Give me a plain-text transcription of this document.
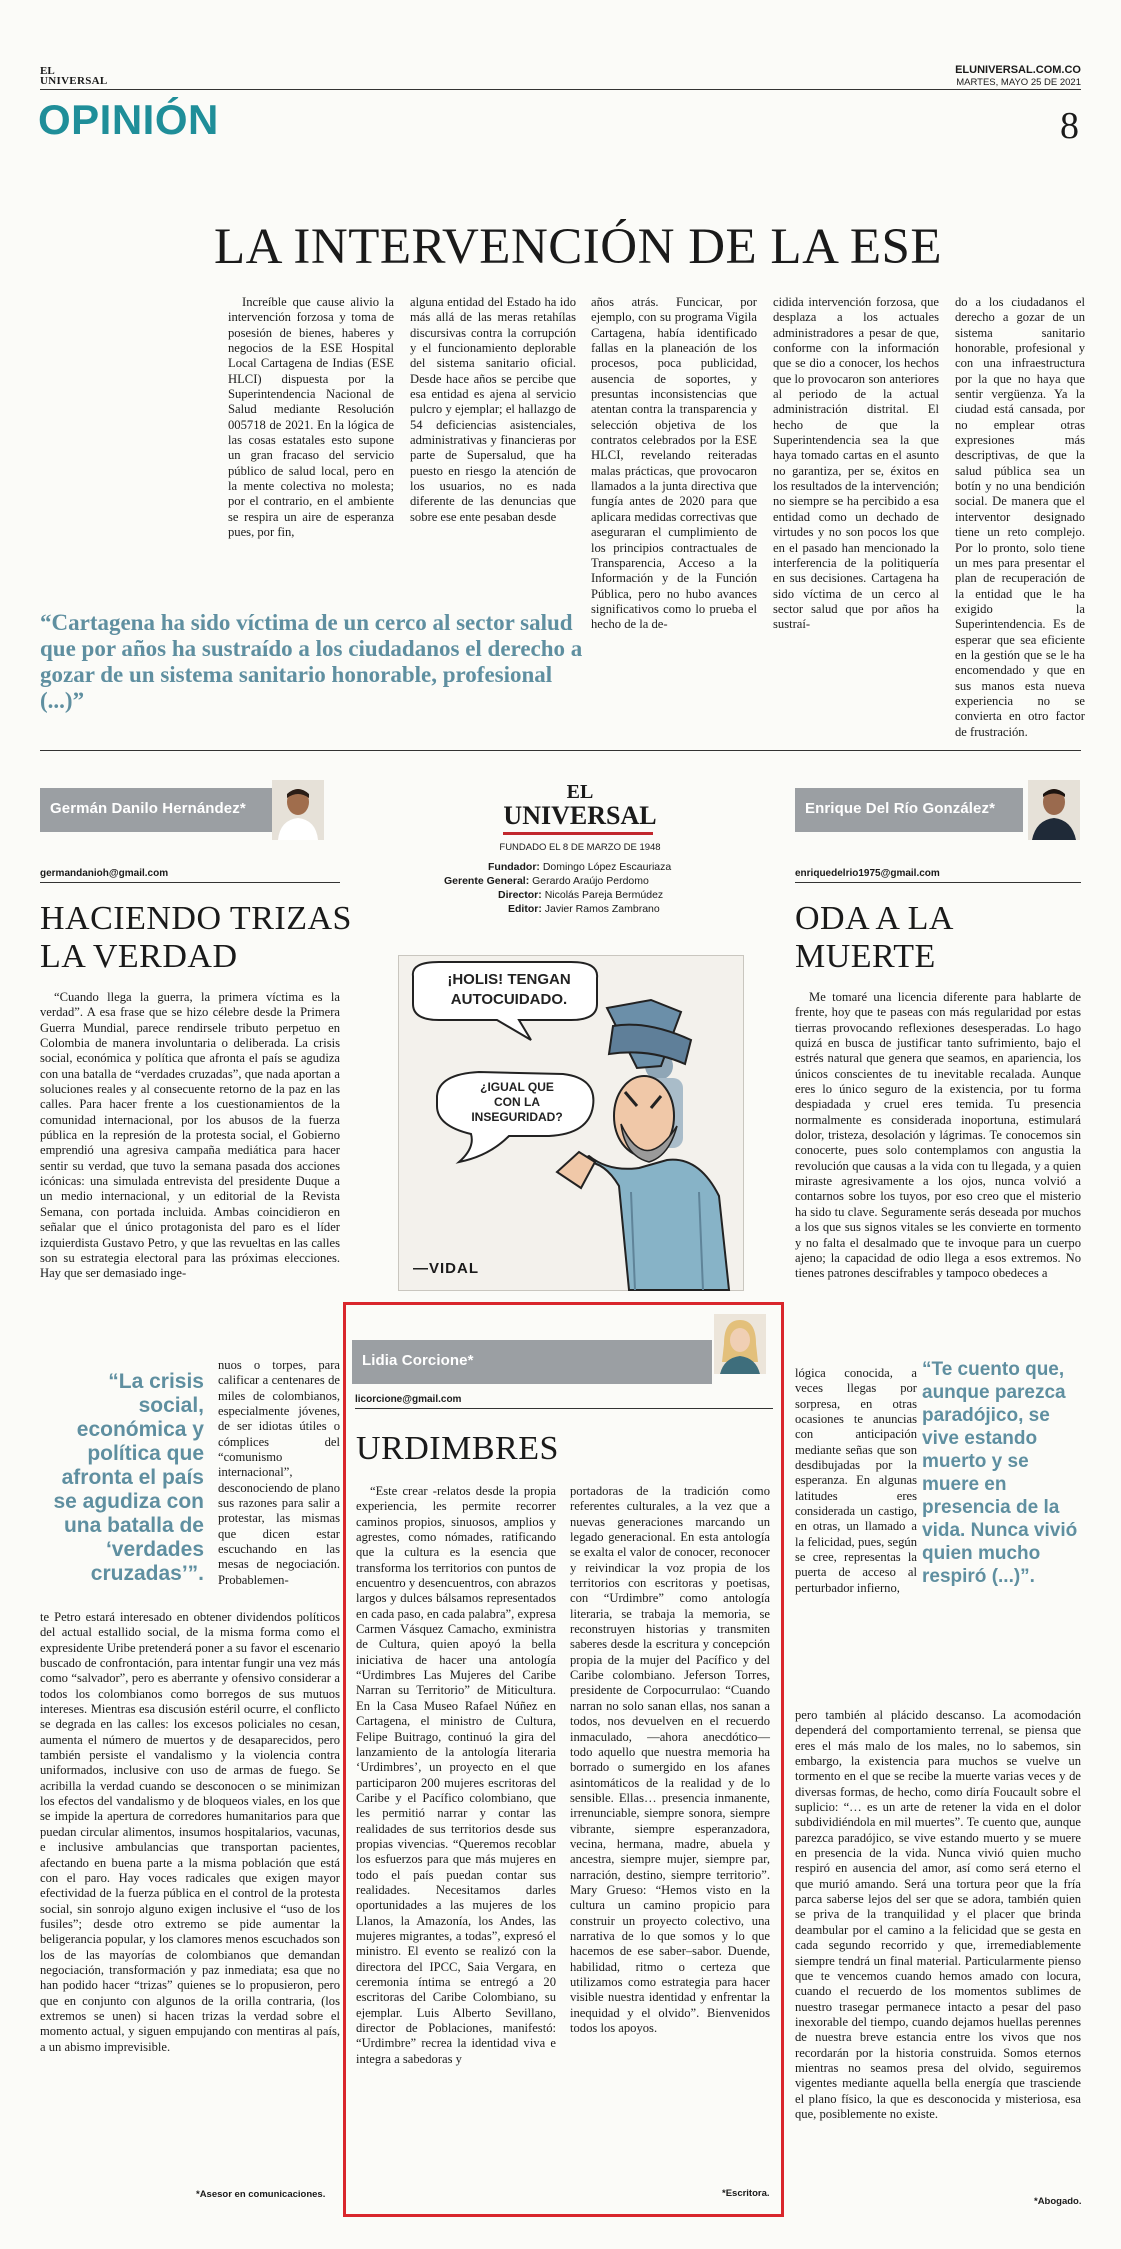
EL
UNIVERSAL
ELUNIVERSAL.COM.CO
MARTES, MAYO 25 DE 2021
OPINIÓN	8
LA INTERVENCIÓN DE LA ESE

Increíble que cause alivio la intervención forzosa y toma de posesión de bienes, haberes y negocios de la ESE Hospital Local Cartagena de Indias (ESE HLCI) dispuesta por la Superintendencia Nacional de Salud mediante Resolución 005718 de 2021. En la lógica de las cosas estatales esto supone un gran fracaso del servicio público de salud local, pero en la mente colectiva no molesta; por el contrario, en el ambiente se respira un aire de esperanza pues, por fin,

alguna entidad del Estado ha ido más allá de las meras retahílas discursivas contra la corrupción y el funcionamiento deplorable del sistema sanitario oficial. Desde hace años se percibe que esa entidad es ajena al servicio pulcro y ejemplar; el hallazgo de 54 deficiencias asistenciales, administrativas y financieras por parte de Supersalud, que ha puesto en riesgo la atención de los usuarios, no es nada diferente de las denuncias que sobre ese ente pesaban desde

años atrás. Funcicar, por ejemplo, con su programa Vigila Cartagena, había identificado fallas en la planeación de los procesos, poca publicidad, ausencia de soportes, y presuntas inconsistencias que atentan contra la transparencia y selección objetiva de los contratos celebrados por la ESE HLCI, revelando reiteradas malas prácticas, que provocaron llamados a la junta directiva que fungía antes de 2020 para que aplicara medidas correctivas que aseguraran el cumplimiento de los principios contractuales de Transparencia, Acceso a la Información y de la Función Pública, pero no hubo avances significativos como lo prueba el hecho de la de-

cidida intervención forzosa, que desplaza a los actuales administradores a pesar de que, conforme con la información que se dio a conocer, los hechos que lo provocaron son anteriores al periodo de la actual administración distrital. El hecho de que la Superintendencia sea la que haya tomado cartas en el asunto no garantiza, per se, éxitos en los resultados de la intervención; no siempre se ha percibido a esa entidad como un dechado de virtudes y no son pocos los que en el pasado han mencionado la interferencia de la politiquería en sus decisiones. Cartagena ha sido víctima de un cerco al sector salud que por años ha sustraí-

do a los ciudadanos el derecho a gozar de un sistema sanitario honorable, profesional y con una infraestructura por la que no haya que sentir vergüenza. Ya la ciudad está cansada, por no emplear otras expresiones más descriptivas, de que la salud pública sea un botín y no una bendición social. De manera que el interventor designado tiene un reto complejo. Por lo pronto, solo tiene un mes para presentar el plan de recuperación de la entidad que le ha exigido la Superintendencia. Es de esperar que sea eficiente en la gestión que se le ha encomendado y que en sus manos esta nueva experiencia no se convierta en otro factor de frustración.

“Cartagena ha sido víctima de un cerco al sector salud que por años ha sustraído a los ciudadanos el derecho a gozar de un sistema sanitario honorable, profesional (...)”
Germán Danilo Hernández*
germandanioh@gmail.com
HACIENDO TRIZAS
LA VERDAD

“Cuando llega la guerra, la primera víctima es la verdad”. A esa frase que se hizo célebre desde la Primera Guerra Mundial, parece rendirsele tributo perpetuo en Colombia de manera involuntaria o deliberada. La crisis social, económica y política que afronta el país se agudiza con una batalla de “verdades cruzadas”, que nada aportan a soluciones reales y al consecuente retorno de la paz en las calles. Para hacer frente a los cuestionamientos de la comunidad internacional, por los abusos de la fuerza pública en la represión de la protesta social, el Gobierno emprendió una agresiva campaña mediática para hacer sentir su verdad, que tuvo la semana pasada dos acciones icónicas: una simulada entrevista del presidente Duque a un medio internacional, y un editorial de la Revista Semana, con portada incluida. Ambas coincidieron en señalar que el único protagonista del paro es el líder izquierdista Gustavo Petro, y que las revueltas en las calles son su estrategia electoral para las próximas elecciones. Hay que ser demasiado inge-

“La crisis social, económica y política que afronta el país se agudiza con una batalla de ‘verdades cruzadas’”.

nuos o torpes, para calificar a centenares de miles de colombianos, especialmente jóvenes, de ser idiotas útiles o cómplices del “comunismo internacional”, desconociendo de plano sus razones para salir a protestar, las mismas que dicen estar escuchando en las mesas de negociación. Probablemen-

te Petro estará interesado en obtener dividendos políticos del actual estallido social, de la misma forma como el expresidente Uribe pretenderá poner a su favor el escenario buscado de confrontación, para intentar fungir una vez más como “salvador”, pero es aberrante y ofensivo considerar a todos los colombianos como borregos de sus mutuos intereses. Mientras esa discusión estéril ocurre, el conflicto se degrada en las calles: los excesos policiales no cesan, aumenta el número de muertos y de desaparecidos, pero también persiste el vandalismo y la violencia contra uniformados, inclusive con uso de armas de fuego. Se acribilla la verdad cuando se desconocen o se minimizan los efectos del vandalismo y de bloqueos viales, en los que se impide la apertura de corredores humanitarios para que puedan circular alimentos, insumos hospitalarios, vacunas, e inclusive ambulancias que transportan pacientes, afectando en buena parte a la misma población que está con el paro. Hay voces radicales que exigen mayor efectividad de la fuerza pública en el control de la protesta social, sin sonrojo alguno exigen inclusive el “uso de los fusiles”; desde otro extremo se pide aumentar la beligerancia popular, y los clamores menos escuchados son los de las mayorías de colombianos que demandan negociación, transformación y paz inmediata; esa que no han podido hacer “trizas” quienes se lo propusieron, pero que en conjunto con algunos de la orilla contraria, (los extremos se unen) si hacen trizas la verdad sobre el momento actual, y siguen empujando con mentiras al país, a un abismo imprevisible.

*Asesor en comunicaciones.
EL
UNIVERSAL
FUNDADO EL 8 DE MARZO DE 1948
Fundador: Domingo López Escauriaza
Gerente General: Gerardo Araújo Perdomo
Director: Nicolás Pareja Bermúdez
Editor: Javier Ramos Zambrano
¡HOLIS! TENGAN
AUTOCUIDADO.
¿IGUAL QUE
CON LA
INSEGURIDAD?
—VIDAL
Lidia Corcione*
licorcione@gmail.com
URDIMBRES

“Este crear -relatos desde la propia experiencia, les permite recorrer caminos propios, sinuosos, amplios y agrestes, como nómades, ratificando que la cultura es la esencia que transforma los territorios con puntos de encuentro y desencuentros, con abrazos largos y dulces bálsamos representados en cada paso, en cada palabra”, expresa Carmen Vásquez Camacho, exministra de Cultura, quien apoyó la bella iniciativa de hacer una antología “Urdimbres Las Mujeres del Caribe Narran su Territorio” de Miticultura. En la Casa Museo Rafael Núñez en Cartagena, el ministro de Cultura, Felipe Buitrago, continuó la gira del lanzamiento de la antología literaria ‘Urdimbres’, un proyecto en el que participaron 200 mujeres escritoras del Caribe y el Pacífico colombiano, que les permitió narrar y contar las realidades de sus territorios desde sus propias vivencias. “Queremos recoblar los esfuerzos para que más mujeres en todo el país puedan contar sus realidades. Necesitamos darles oportunidades a las mujeres de los Llanos, la Amazonía, los Andes, las mujeres migrantes, a todas”, expresó el ministro. El evento se realizó con la directora del IPCC, Saia Vergara, en ceremonia íntima se entregó a 20 escritoras del Caribe Colombiano, su ejemplar. Luis Alberto Sevillano, director de Poblaciones, manifestó: “Urdimbre” recrea la identidad viva e integra a sabedoras y

portadoras de la tradición como referentes culturales, a la vez que a nuevas generaciones marcando un legado generacional. En esta antología se exalta el valor de conocer, reconocer y reivindicar la voz propia de los territorios con escritoras y poetisas, con “Urdimbre” como antología literaria, se trabaja la memoria, se reconstruyen historias y transmiten saberes desde la escritura y concepción propia de la mujer del Pacífico y del Caribe colombiano. Jeferson Torres, presidente de Corpocurrulao: “Cuando narran no solo sanan ellas, nos sanan a todos, nos devuelven en el recuerdo inmaculado, —ahora anecdótico— todo aquello que nuestra memoria ha borrado o sumergido en los afanes asintomáticos de la realidad y de lo sensible. Ellas… presencia inmanente, irrenunciable, siempre sonora, siempre vibrante, siempre esperanzadora, vecina, hermana, madre, abuela y ancestra, siempre mujer, siempre par, narración, destino, siempre territorio”. Mary Grueso: “Hemos visto en la cultura un camino propicio para construir un proyecto colectivo, una narrativa de lo que somos y lo que hacemos de ese saber–sabor. Duende, habilidad, ritmo o certeza que utilizamos como estrategia para hacer visible nuestra identidad y enfrentar la inequidad y el olvido”. Bienvenidos todos los apoyos.

*Escritora.
Enrique Del Río González*
enriquedelrio1975@gmail.com
ODA A LA
MUERTE

Me tomaré una licencia diferente para hablarte de frente, hoy que te paseas con más regularidad por estas tierras provocando reflexiones desesperadas. Lo hago quizá en busca de justificar tanto sufrimiento, bajo el estrés natural que genera que seamos, en apariencia, los únicos conscientes de tu inevitable recalada. Aunque eres lo único seguro de la existencia, por tu forma despiadada y cruel eres temida. Tu presencia normalmente es considerada inoportuna, estimulará dolor, tristeza, desolación y lágrimas. Te conocemos sin conocerte, pues solo contemplamos con angustia la revolución que causas a la vida con tu llegada, y a quien miraste agresivamente a los ojos, nunca volvió a contarnos sobre los tuyos, por eso creo que el misterio ha sido tu clave. Seguramente serás deseada por muchos a los que sus signos vitales se les convierte en tormento y no falta el desalmado que te invoque para un cuerpo ajeno; la capacidad de odio llega a esos extremos. No tienes patrones descifrables y tampoco obedeces a

lógica conocida, a veces llegas por sorpresa, en otras ocasiones te anuncias con anticipación mediante señas que son desdibujadas por la esperanza. En algunas latitudes eres considerada un castigo, en otras, un llamado a la felicidad, pues, según se cree, representas la puerta de acceso al perturbador infierno,

“Te cuento que, aunque parezca paradójico, se vive estando muerto y se muere en presencia de la vida. Nunca vivió quien mucho respiró (...)”.

pero también al plácido descanso. La acomodación dependerá del comportamiento terrenal, se piensa que eres el más malo de los males, no lo sabemos, sin embargo, la existencia para muchos se vuelve un tormento en el que se recibe la muerte varias veces y de diversas formas, de hecho, como diría Foucault sobre el suplicio: “… es un arte de retener la vida en el dolor subdividiéndola en mil muertes”. Te cuento que, aunque parezca paradójico, se vive estando muerto y se muere en presencia de la vida. Nunca vivió quien mucho respiró en ausencia del amor, así como será eterno el que murió amando. Será una tortura peor que la fría parca saberse lejos del ser que se adora, también quien se priva de la tranquilidad y el placer que brinda deambular por el camino a la felicidad que se gesta en cada segundo recorrido y que, irremediablemente siempre tendrá un final material. Particularmente pienso que te vencemos cuando hemos amado con locura, cuando el recuerdo de los momentos sublimes de nuestro trasegar permanece intacto a pesar del paso inexorable del tiempo, cuando dejamos huellas perennes de nuestra breve estancia entre los vivos que nos recordarán por la historia construida. Somos eternos mientras no seamos presa del olvido, seguiremos vigentes mediante aquella bella energía que trasciende el plano físico, la que es desconocida y misteriosa, esa que, posiblemente no existe.

*Abogado.
